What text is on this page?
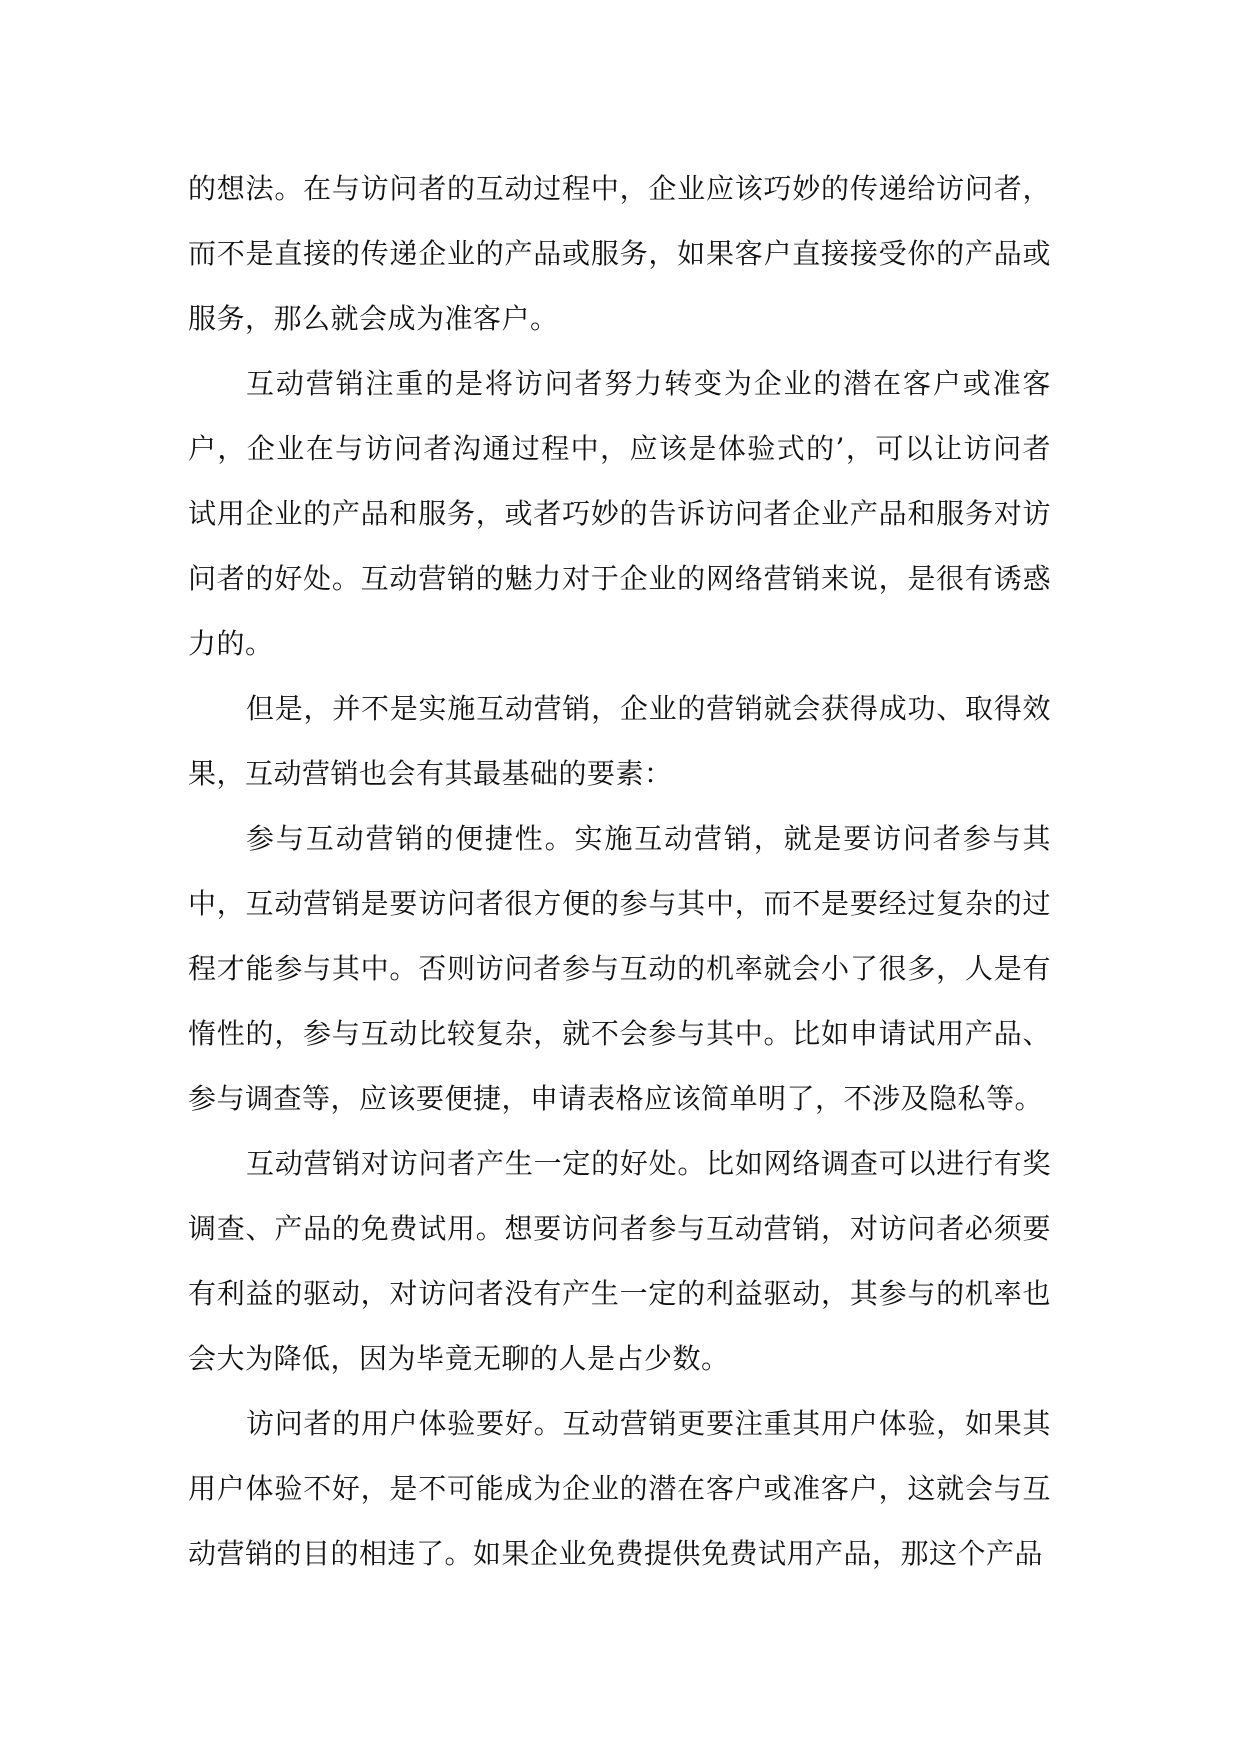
的想法。在与访问者的互动过程中，企业应该巧妙的传递给访问者，而不是直接的传递企业的产品或服务，如果客户直接接受你的产品或服务，那么就会成为准客户。

互动营销注重的是将访问者努力转变为企业的潜在客户或准客户，企业在与访问者沟通过程中，应该是体验式的’，可以让访问者试用企业的产品和服务，或者巧妙的告诉访问者企业产品和服务对访问者的好处。互动营销的魅力对于企业的网络营销来说，是很有诱惑力的。

但是，并不是实施互动营销，企业的营销就会获得成功、取得效果，互动营销也会有其最基础的要素：

参与互动营销的便捷性。实施互动营销，就是要访问者参与其中，互动营销是要访问者很方便的参与其中，而不是要经过复杂的过程才能参与其中。否则访问者参与互动的机率就会小了很多，人是有惰性的，参与互动比较复杂，就不会参与其中。比如申请试用产品、参与调查等，应该要便捷，申请表格应该简单明了，不涉及隐私等。

互动营销对访问者产生一定的好处。比如网络调查可以进行有奖调查、产品的免费试用。想要访问者参与互动营销，对访问者必须要有利益的驱动，对访问者没有产生一定的利益驱动，其参与的机率也会大为降低，因为毕竟无聊的人是占少数。

访问者的用户体验要好。互动营销更要注重其用户体验，如果其用户体验不好，是不可能成为企业的潜在客户或准客户，这就会与互动营销的目的相违了。如果企业免费提供免费试用产品，那这个产品
